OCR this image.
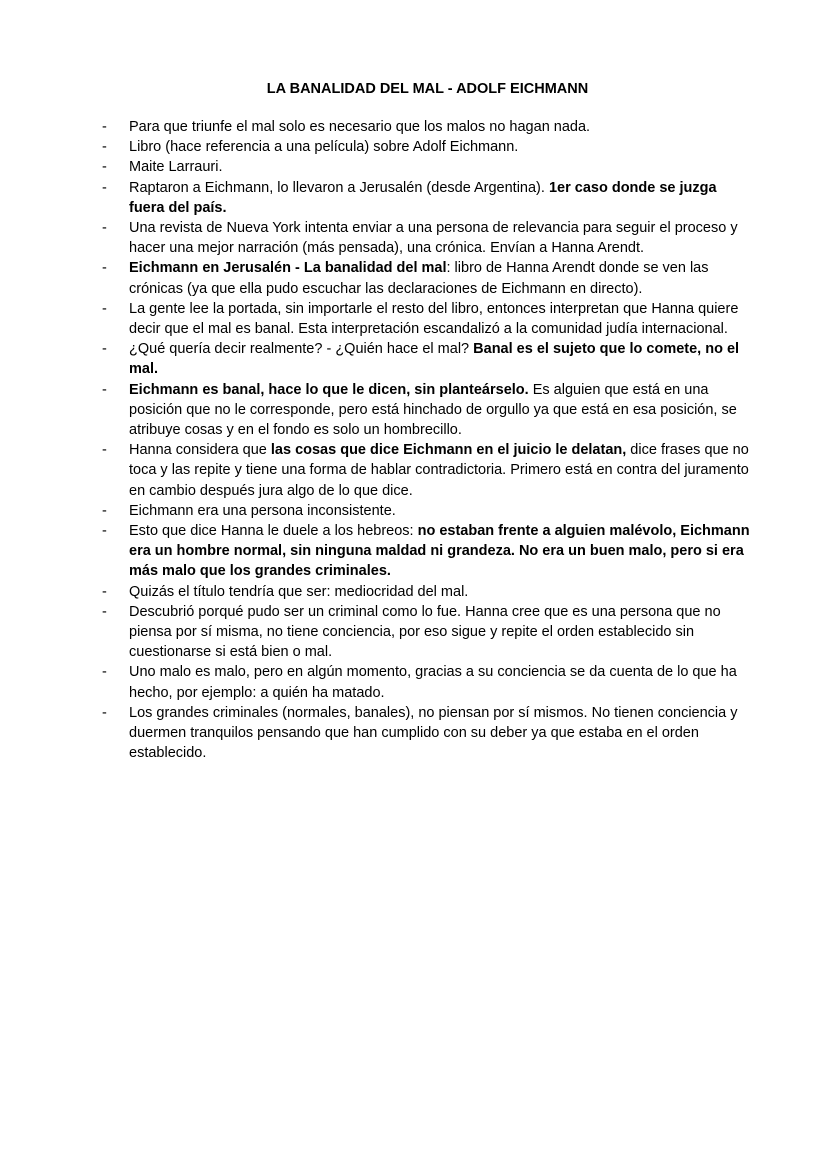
LA BANALIDAD DEL MAL - ADOLF EICHMANN
- Para que triunfe el mal solo es necesario que los malos no hagan nada.
- Libro (hace referencia a una película) sobre Adolf Eichmann.
- Maite Larrauri.
- Raptaron a Eichmann, lo llevaron a Jerusalén (desde Argentina). 1er caso donde se juzga fuera del país.
- Una revista de Nueva York intenta enviar a una persona de relevancia para seguir el proceso y hacer una mejor narración (más pensada), una crónica. Envían a Hanna Arendt.
- Eichmann en Jerusalén - La banalidad del mal: libro de Hanna Arendt donde se ven las crónicas (ya que ella pudo escuchar las declaraciones de Eichmann en directo).
- La gente lee la portada, sin importarle el resto del libro, entonces interpretan que Hanna quiere decir que el mal es banal. Esta interpretación escandalizó a la comunidad judía internacional.
- ¿Qué quería decir realmente? - ¿Quién hace el mal? Banal es el sujeto que lo comete, no el mal.
- Eichmann es banal, hace lo que le dicen, sin planteárselo. Es alguien que está en una posición que no le corresponde, pero está hinchado de orgullo ya que está en esa posición, se atribuye cosas y en el fondo es solo un hombrecillo.
- Hanna considera que las cosas que dice Eichmann en el juicio le delatan, dice frases que no toca y las repite y tiene una forma de hablar contradictoria. Primero está en contra del juramento en cambio después jura algo de lo que dice.
- Eichmann era una persona inconsistente.
- Esto que dice Hanna le duele a los hebreos: no estaban frente a alguien malévolo, Eichmann era un hombre normal, sin ninguna maldad ni grandeza. No era un buen malo, pero si era más malo que los grandes criminales.
- Quizás el título tendría que ser: mediocridad del mal.
- Descubrió porqué pudo ser un criminal como lo fue. Hanna cree que es una persona que no piensa por sí misma, no tiene conciencia, por eso sigue y repite el orden establecido sin cuestionarse si está bien o mal.
- Uno malo es malo, pero en algún momento, gracias a su conciencia se da cuenta de lo que ha hecho, por ejemplo: a quién ha matado.
- Los grandes criminales (normales, banales), no piensan por sí mismos. No tienen conciencia y duermen tranquilos pensando que han cumplido con su deber ya que estaba en el orden establecido.
